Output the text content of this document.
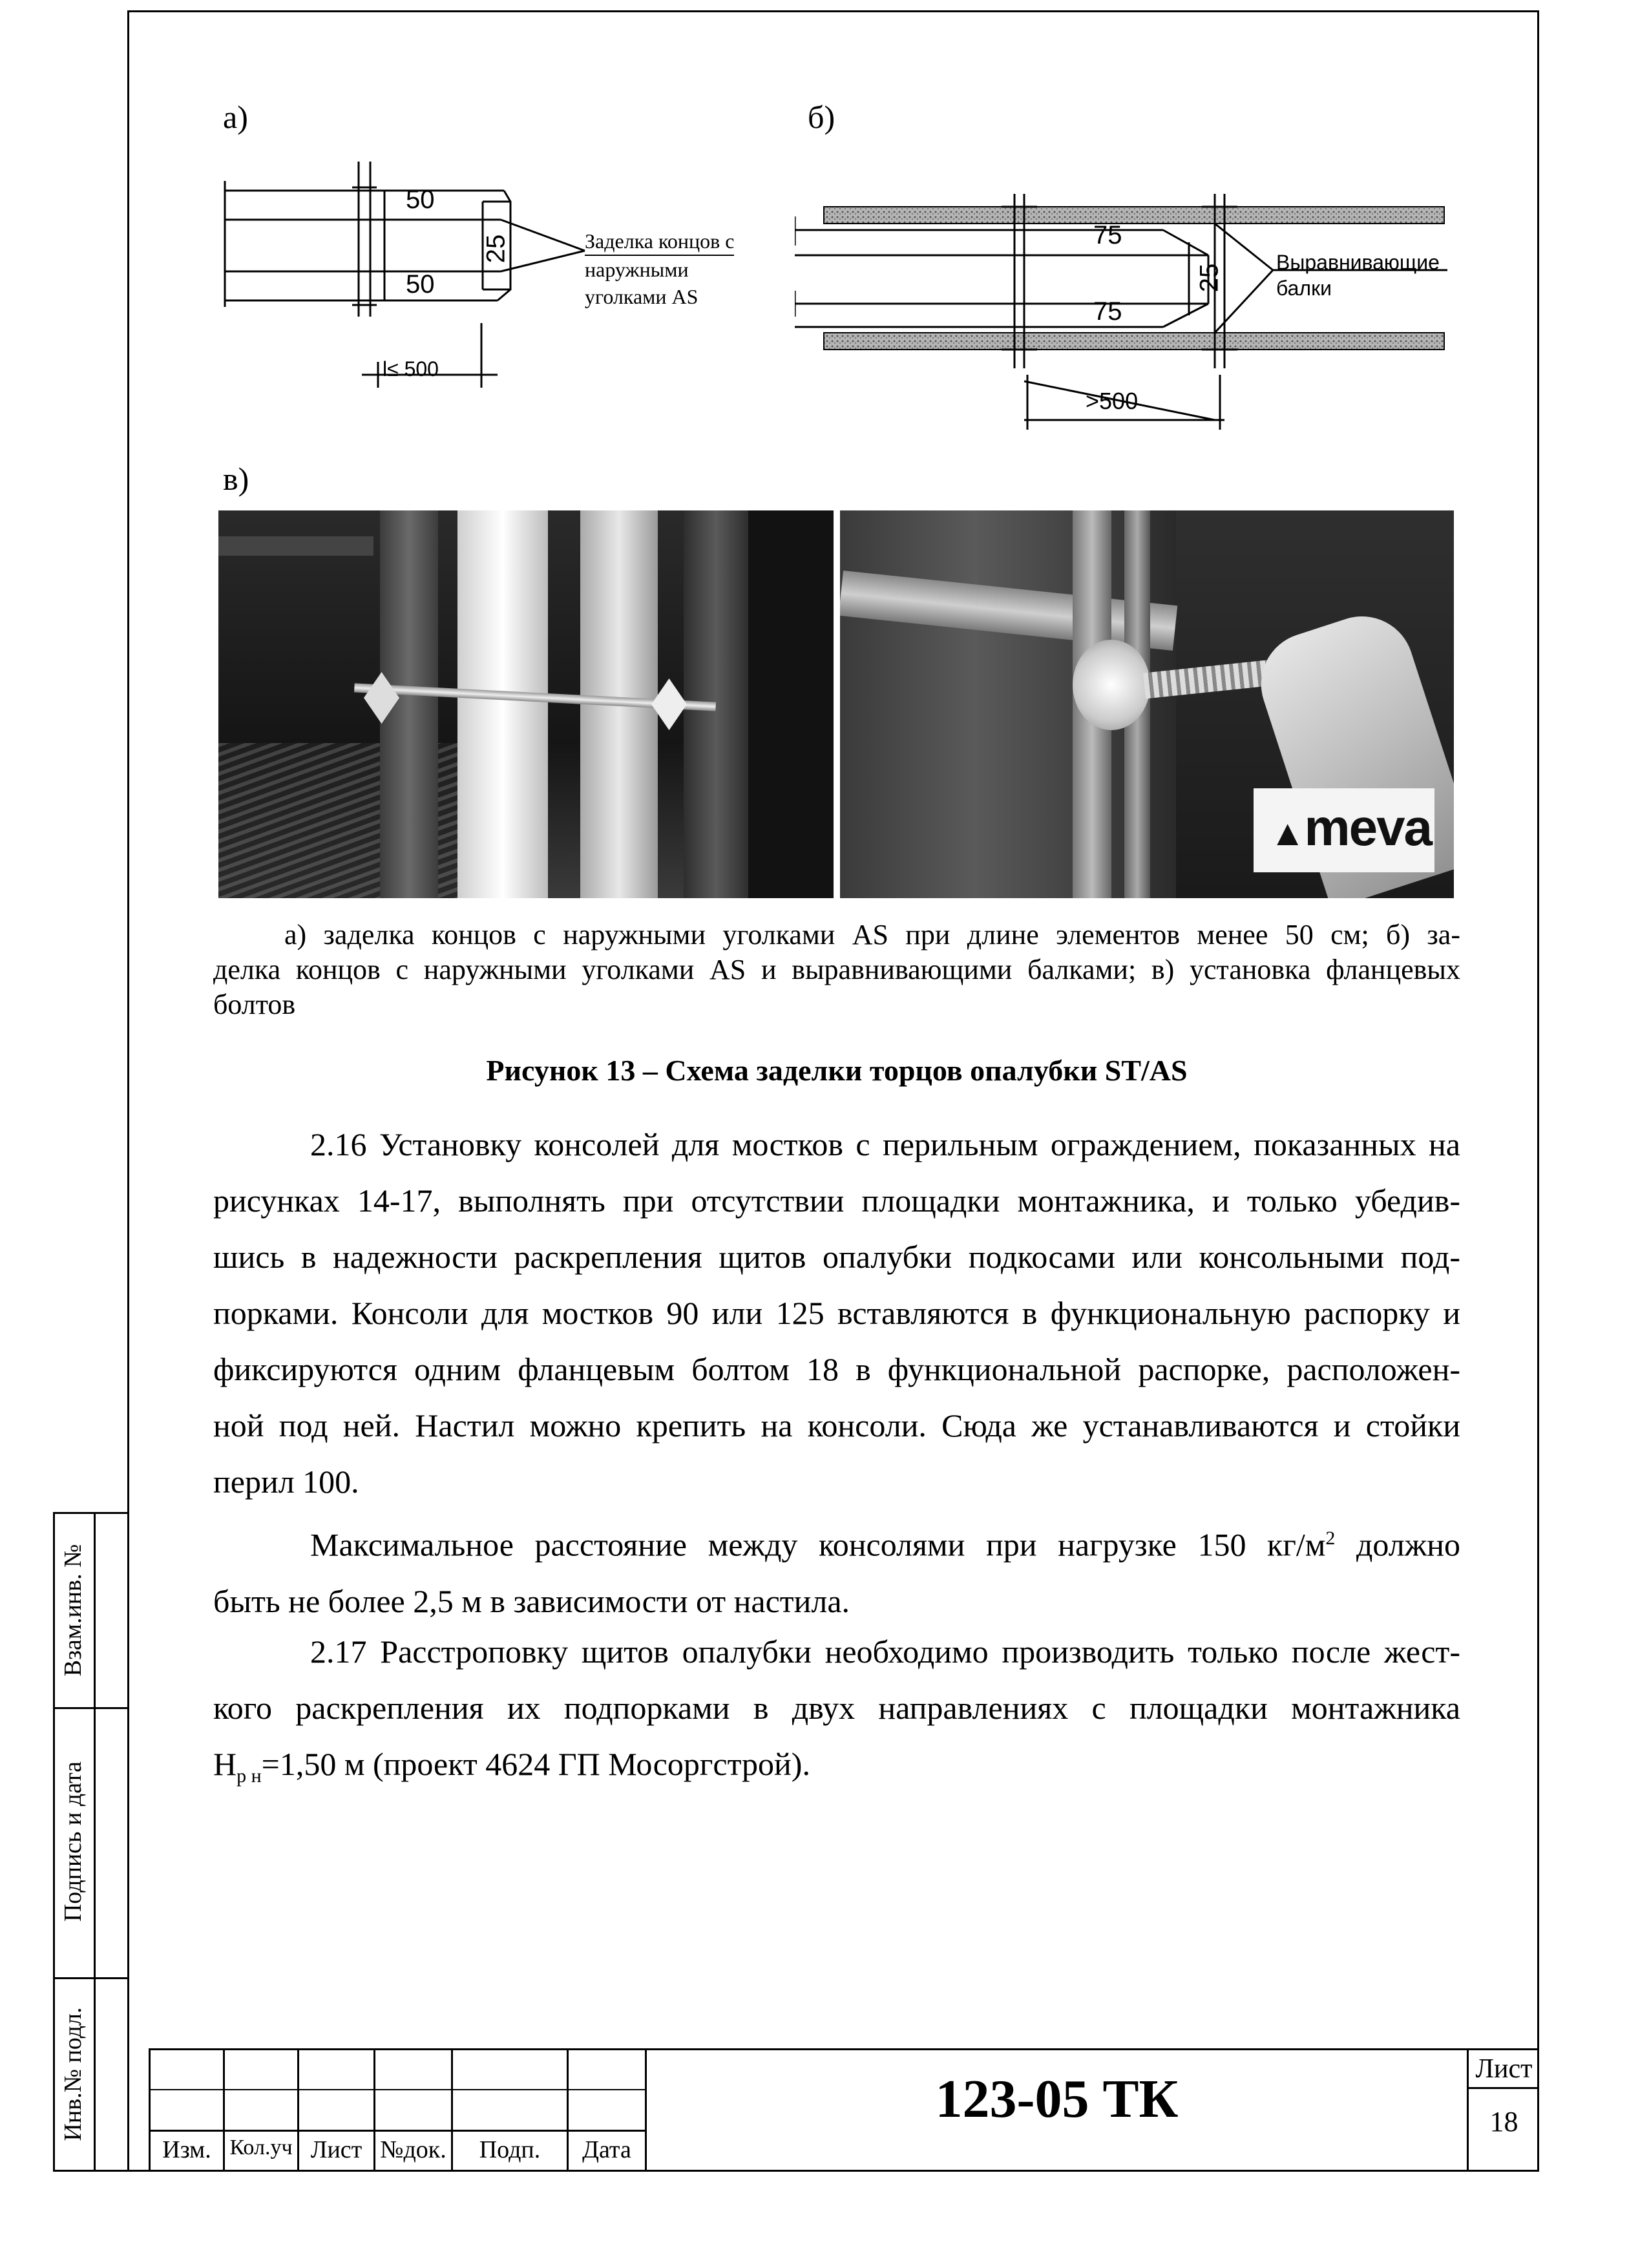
Взам.инв. №
Подпись и дата
Инв.№ подл.
а)	б)
в)
50
50
25
l≤ 500
Заделка концов с
наружными
уголками AS
75
75
25
>500
Выравнивающие
балки
▲meva
а) заделка концов с наружными уголками AS при длине элементов менее 50 см; б) за-
делка концов с наружными уголками AS и выравнивающими балками; в) установка фланцевых
болтов
Рисунок 13 – Схема заделки торцов опалубки ST/AS
2.16 Установку консолей для мостков с перильным ограждением, показанных на
рисунках 14-17, выполнять при отсутствии площадки монтажника, и только убедив-
шись в надежности раскрепления щитов опалубки подкосами или консольными под-
порками. Консоли для мостков 90 или 125 вставляются в функциональную распорку и
фиксируются одним фланцевым болтом 18 в функциональной распорке, расположен-
ной под ней. Настил можно крепить на консоли. Сюда же устанавливаются и стойки
перил 100.
Максимальное расстояние между консолями при нагрузке 150 $кг/м^2$ должно
быть не более 2,5 м в зависимости от настила.
2.17 Расстроповку щитов опалубки необходимо производить только после жест-
кого раскрепления их подпорками в двух направлениях с площадки монтажника
$H_{р н}=1,50$ м (проект 4624 ГП Мосоргстрой).
Изм. Кол.уч Лист №док.	Подп.	Дата
123-05 ТК	Лист
18
